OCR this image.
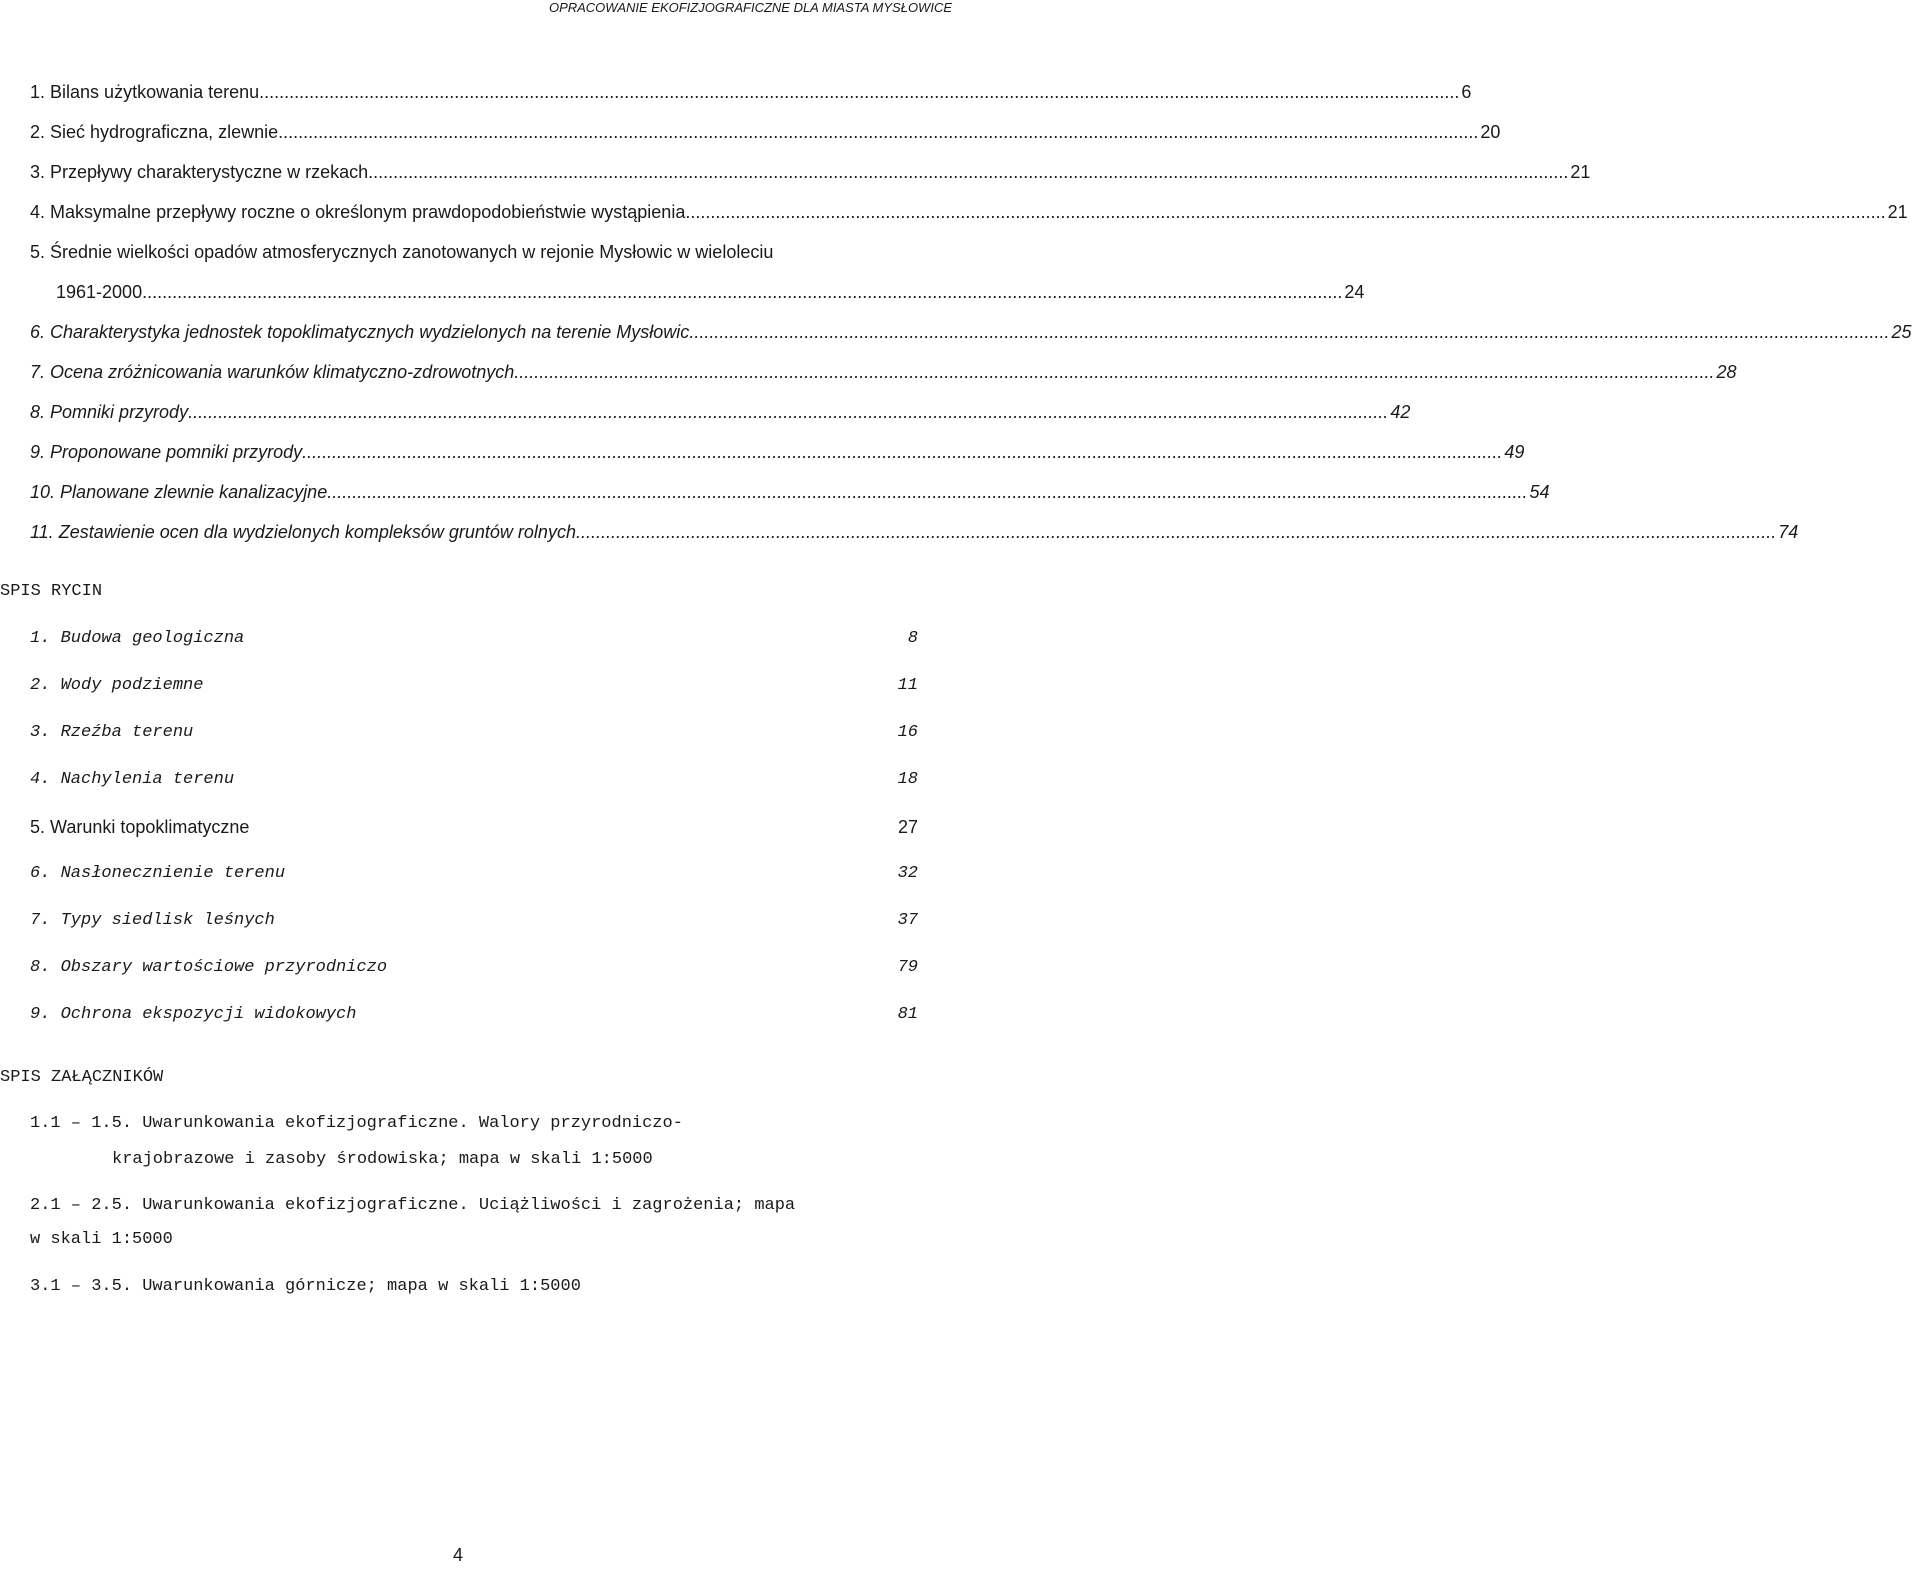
OPRACOWANIE EKOFIZJOGRAFICZNE DLA MIASTA MYSŁOWICE
1.
Bilans użytkowania terenu .....	6
2.
Sieć hydrograficzna, zlewnie .....	20
3.
Przepływy charakterystyczne w rzekach .....	21
4.
Maksymalne przepływy roczne o określonym prawdopodobieństwie wystąpienia .....	21
5.
Średnie wielkości opadów atmosferycznych zanotowanych w rejonie Mysłowic w wieloleciu
1961-2000 .....	24
6.
Charakterystyka jednostek topoklimatycznych wydzielonych na terenie Mysłowic .....	25
7.
Ocena zróżnicowania warunków klimatyczno-zdrowotnych .....	28
8.
Pomniki przyrody .....	42
9.
Proponowane pomniki przyrody .....	49
10.
Planowane zlewnie kanalizacyjne .....	54
11.
Zestawienie ocen dla wydzielonych kompleksów gruntów rolnych .....	74
SPIS RYCIN
1. Budowa geologiczna	8
2. Wody podziemne	11
3. Rzeźba terenu	16
4. Nachylenia terenu	18
5. Warunki topoklimatyczne	27
6. Nasłonecznienie terenu	32
7. Typy siedlisk leśnych	37
8. Obszary wartościowe przyrodniczo	79
9. Ochrona ekspozycji widokowych	81
SPIS ZAŁĄCZNIKÓW
1.1 – 1.5. Uwarunkowania ekofizjograficzne. Walory przyrodniczo-
krajobrazowe i zasoby środowiska; mapa w skali 1:5000
2.1 – 2.5. Uwarunkowania ekofizjograficzne. Uciążliwości i zagrożenia; mapa
w skali 1:5000
3.1 – 3.5. Uwarunkowania górnicze; mapa w skali 1:5000
4
